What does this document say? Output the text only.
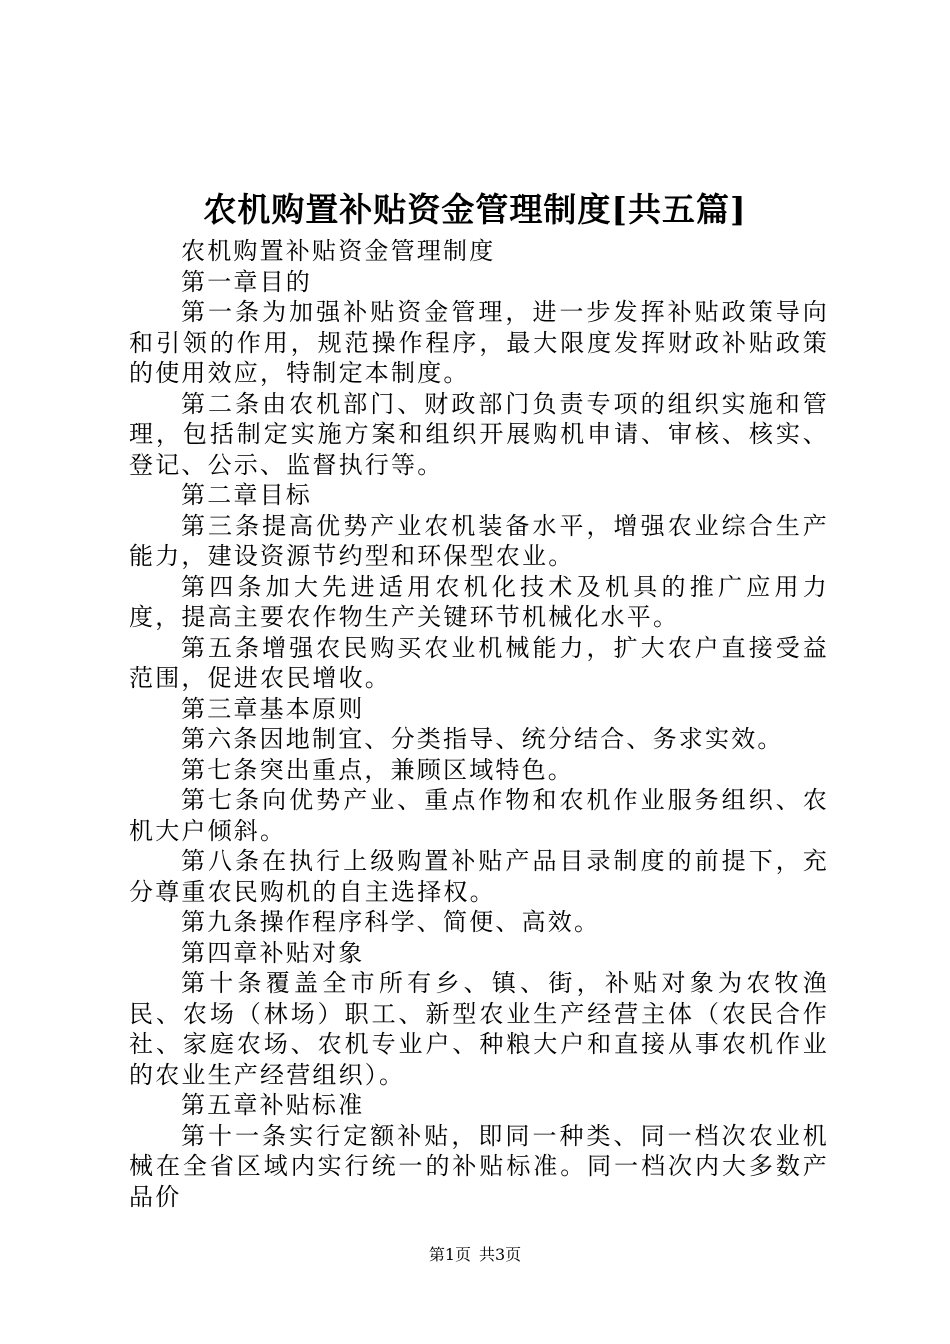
农机购置补贴资金管理制度[共五篇]

农机购置补贴资金管理制度

第一章目的

第一条为加强补贴资金管理，进一步发挥补贴政策导向和引领的作用，规范操作程序，最大限度发挥财政补贴政策的使用效应，特制定本制度。

第二条由农机部门、财政部门负责专项的组织实施和管理，包括制定实施方案和组织开展购机申请、审核、核实、登记、公示、监督执行等。

第二章目标

第三条提高优势产业农机装备水平，增强农业综合生产能力，建设资源节约型和环保型农业。

第四条加大先进适用农机化技术及机具的推广应用力度，提高主要农作物生产关键环节机械化水平。

第五条增强农民购买农业机械能力，扩大农户直接受益范围，促进农民增收。

第三章基本原则

第六条因地制宜、分类指导、统分结合、务求实效。

第七条突出重点，兼顾区域特色。

第七条向优势产业、重点作物和农机作业服务组织、农机大户倾斜。

第八条在执行上级购置补贴产品目录制度的前提下，充分尊重农民购机的自主选择权。

第九条操作程序科学、简便、高效。

第四章补贴对象

第十条覆盖全市所有乡、镇、街，补贴对象为农牧渔民、农场（林场）职工、新型农业生产经营主体（农民合作社、家庭农场、农机专业户、种粮大户和直接从事农机作业的农业生产经营组织）。

第五章补贴标准

第十一条实行定额补贴，即同一种类、同一档次农业机械在全省区域内实行统一的补贴标准。同一档次内大多数产品价

第1页 共3页
